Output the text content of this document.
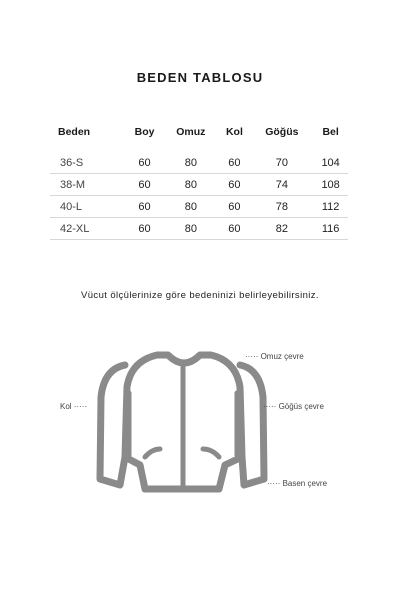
BEDEN TABLOSU
Beden	Boy	Omuz	Kol	Göğüs	Bel
36-S	60	80	60	70	104
38-M	60	80	60	74	108
40-L	60	80	60	78	112
42-XL	60	80	60	82	116
Vücut ölçülerinize göre bedeninizi belirleyebilirsiniz.
····· Omuz çevre
Kol ·····	····· Göğüs çevre
····· Basen çevre
